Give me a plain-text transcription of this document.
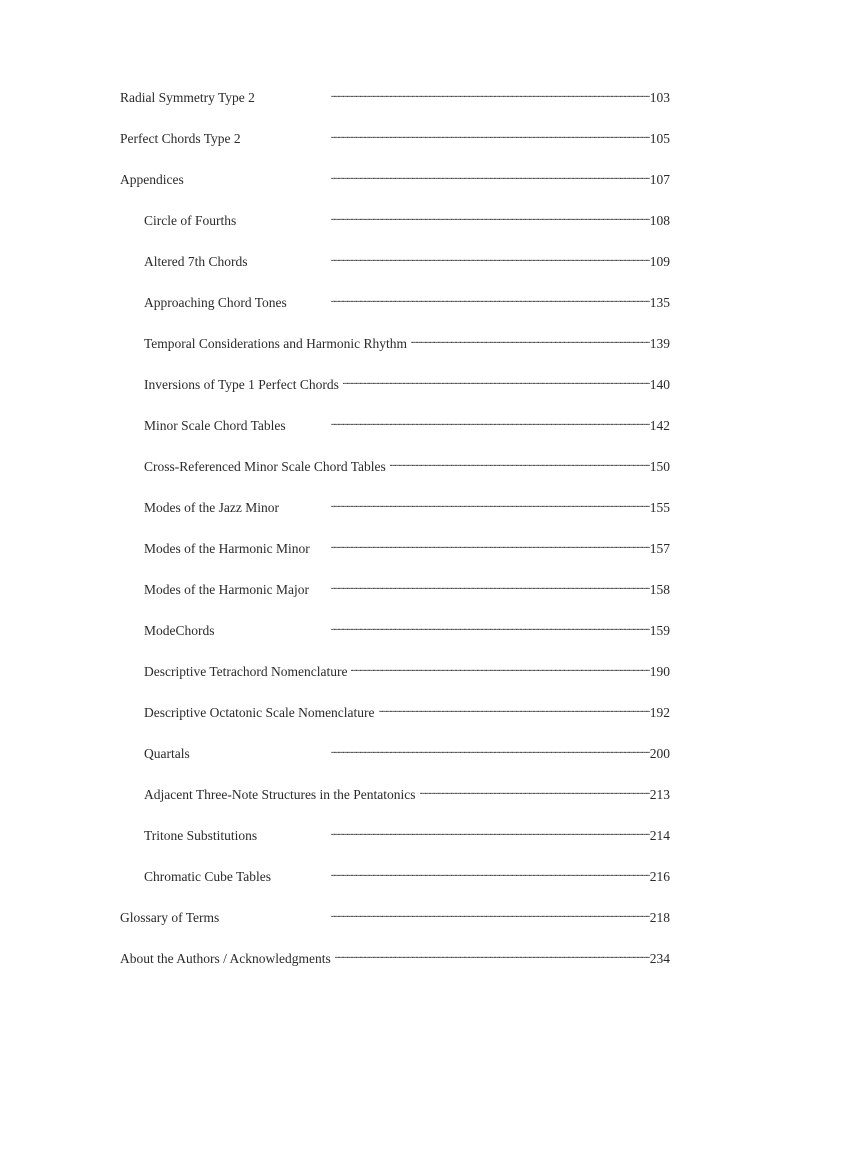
Radial Symmetry Type 2 . . .	103
Perfect Chords Type 2 . . .	105
Appendices . . .	107
Circle of Fourths . . .	108
Altered 7th Chords . . .	109
Approaching Chord Tones . . .	135
Temporal Considerations and Harmonic Rhythm . . .	139
Inversions of Type 1 Perfect Chords . . .	140
Minor Scale Chord Tables . . .	142
Cross-Referenced Minor Scale Chord Tables . . .	150
Modes of the Jazz Minor . . .	155
Modes of the Harmonic Minor . . .	157
Modes of the Harmonic Major . . .	158
ModeChords . . .	159
Descriptive Tetrachord Nomenclature . . .	190
Descriptive Octatonic Scale Nomenclature . . .	192
Quartals . . .	200
Adjacent Three-Note Structures in the Pentatonics . . .	213
Tritone Substitutions . . .	214
Chromatic Cube Tables . . .	216
Glossary of Terms . . .	218
About the Authors / Acknowledgments . . .	234
